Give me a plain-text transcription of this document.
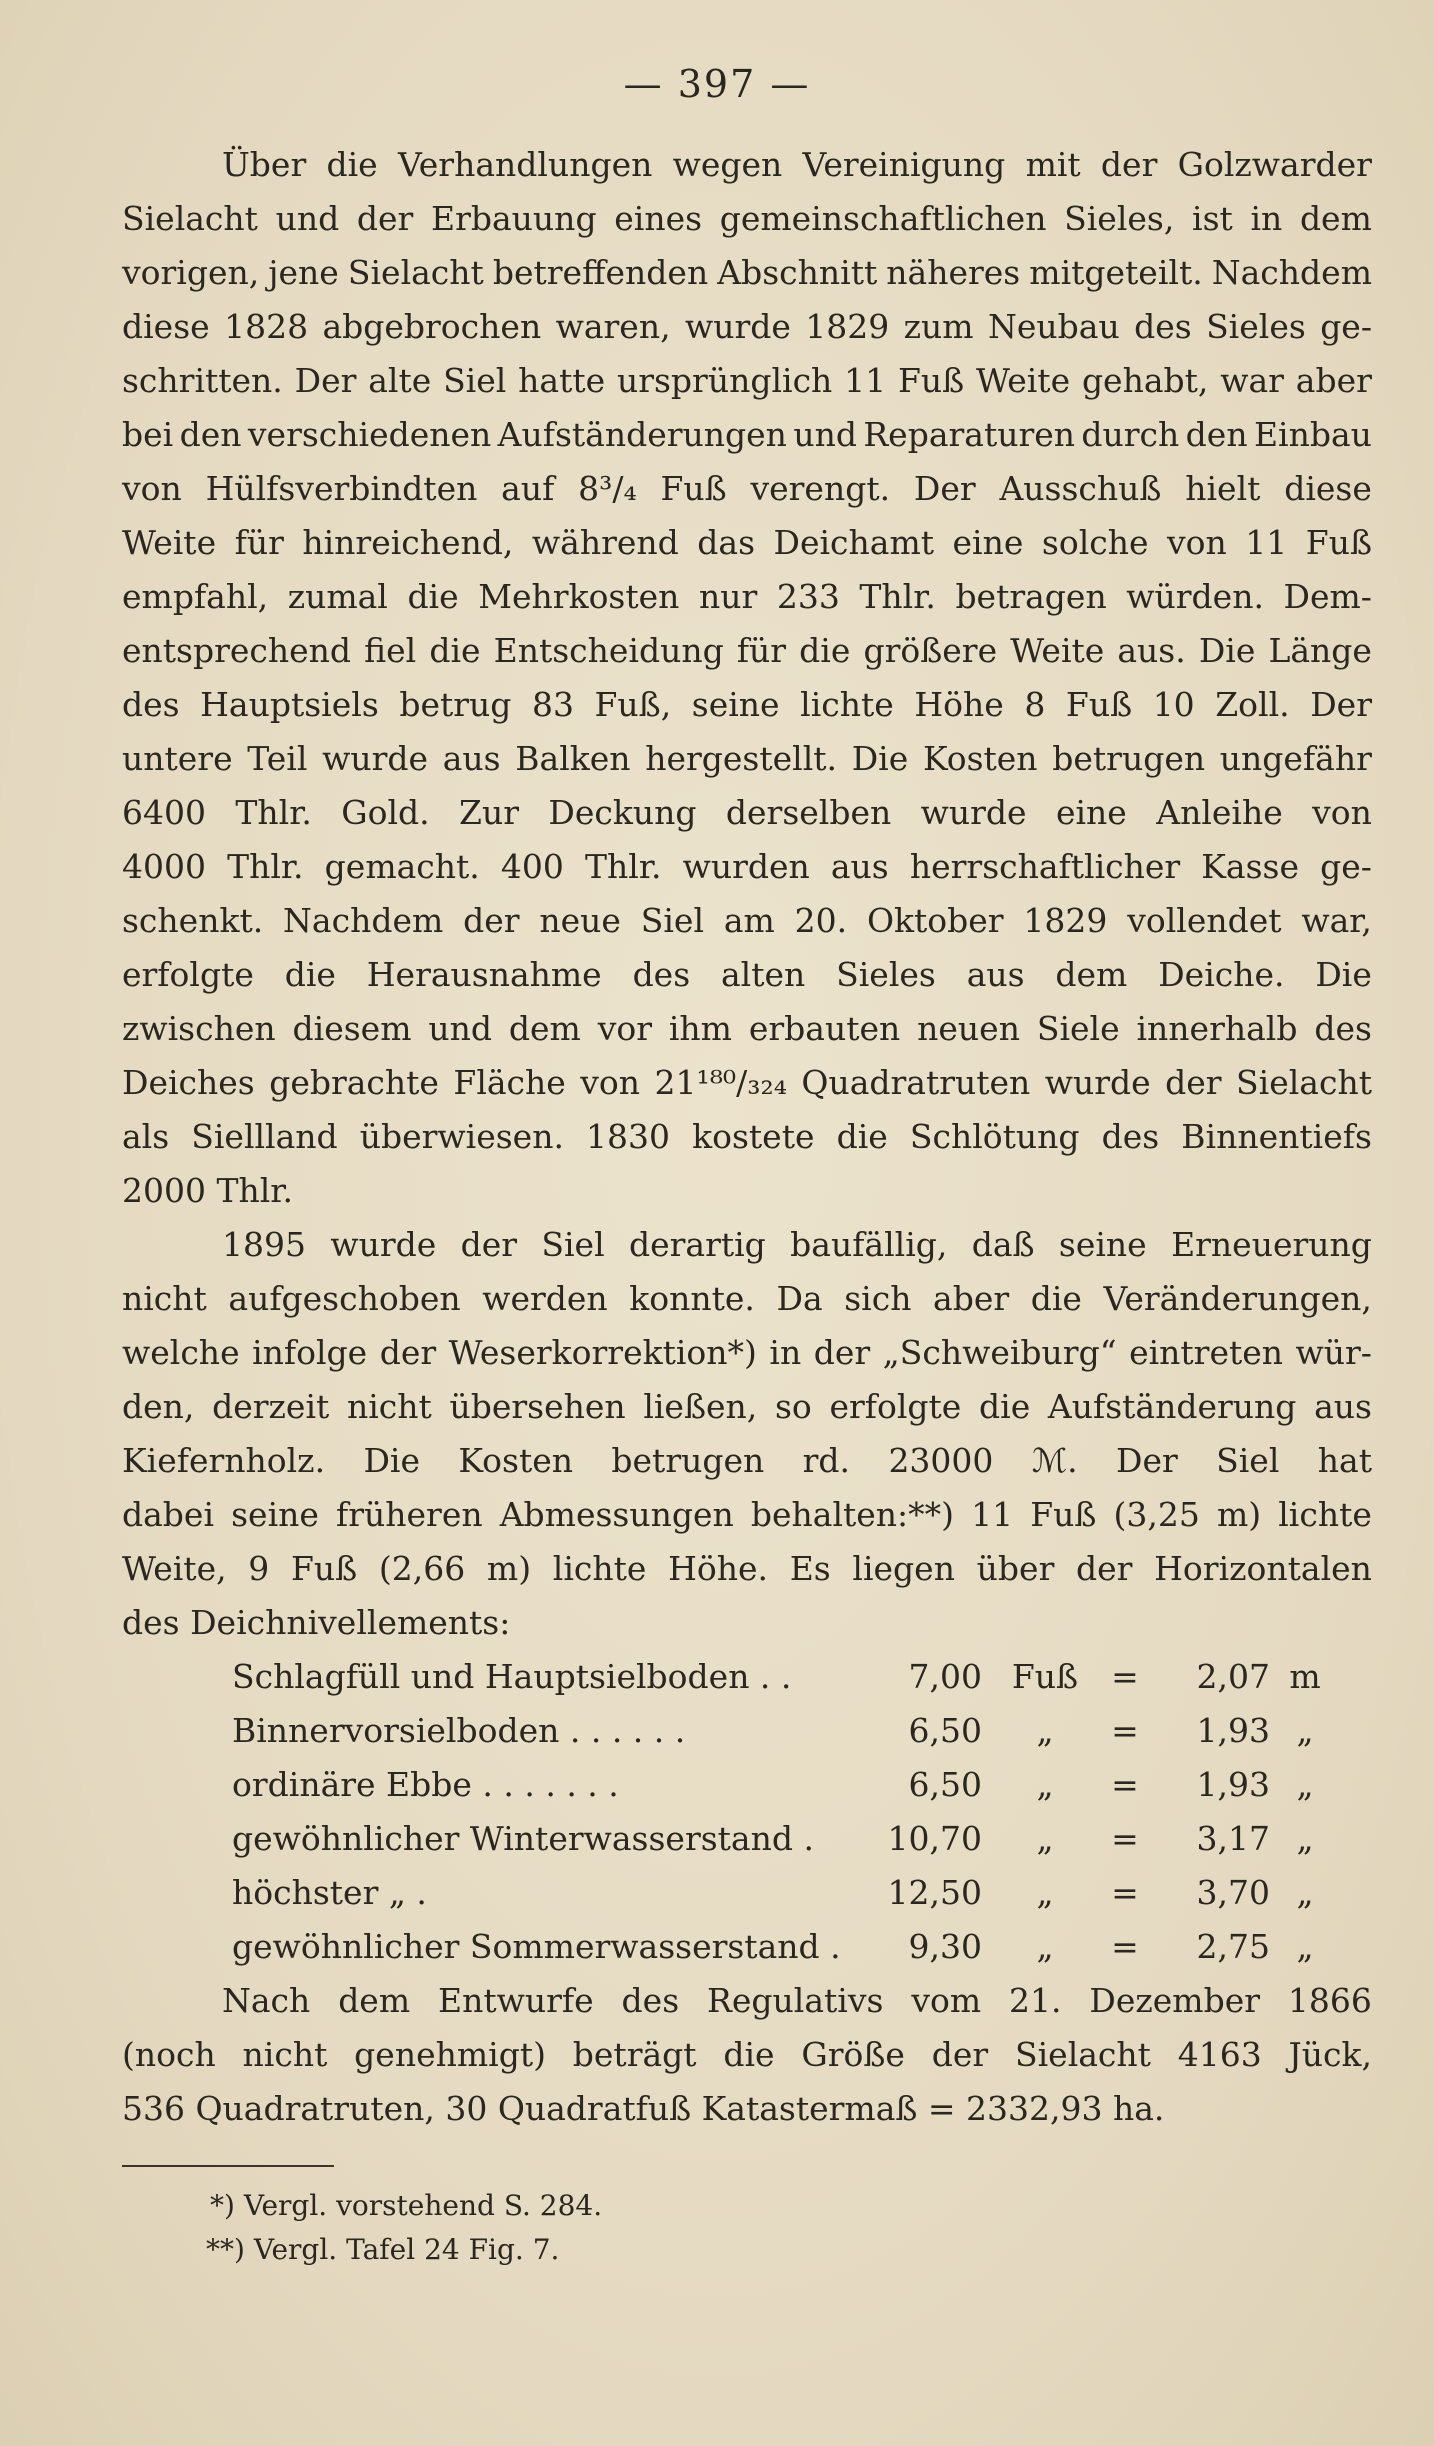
— 397 —
Über die Verhandlungen wegen Vereinigung mit der Golzwarder
Sielacht und der Erbauung eines gemeinschaftlichen Sieles, ist in dem
vorigen, jene Sielacht betreffenden Abschnitt näheres mitgeteilt. Nachdem
diese 1828 abgebrochen waren, wurde 1829 zum Neubau des Sieles ge-
schritten. Der alte Siel hatte ursprünglich 11 Fuß Weite gehabt, war aber
bei den verschiedenen Aufständerungen und Reparaturen durch den Einbau
von Hülfsverbindten auf 8³/₄ Fuß verengt. Der Ausschuß hielt diese
Weite für hinreichend, während das Deichamt eine solche von 11 Fuß
empfahl, zumal die Mehrkosten nur 233 Thlr. betragen würden. Dem-
entsprechend fiel die Entscheidung für die größere Weite aus. Die Länge
des Hauptsiels betrug 83 Fuß, seine lichte Höhe 8 Fuß 10 Zoll. Der
untere Teil wurde aus Balken hergestellt. Die Kosten betrugen ungefähr
6400 Thlr. Gold. Zur Deckung derselben wurde eine Anleihe von
4000 Thlr. gemacht. 400 Thlr. wurden aus herrschaftlicher Kasse ge-
schenkt. Nachdem der neue Siel am 20. Oktober 1829 vollendet war,
erfolgte die Herausnahme des alten Sieles aus dem Deiche. Die
zwischen diesem und dem vor ihm erbauten neuen Siele innerhalb des
Deiches gebrachte Fläche von 21¹⁸⁰/₃₂₄ Quadratruten wurde der Sielacht
als Siellland überwiesen. 1830 kostete die Schlötung des Binnentiefs
2000 Thlr.
1895 wurde der Siel derartig baufällig, daß seine Erneuerung
nicht aufgeschoben werden konnte. Da sich aber die Veränderungen,
welche infolge der Weserkorrektion*) in der „Schweiburg“ eintreten wür-
den, derzeit nicht übersehen ließen, so erfolgte die Aufständerung aus
Kiefernholz. Die Kosten betrugen rd. 23000 ℳ. Der Siel hat
dabei seine früheren Abmessungen behalten:**) 11 Fuß (3,25 m) lichte
Weite, 9 Fuß (2,66 m) lichte Höhe. Es liegen über der Horizontalen
des Deichnivellements:
Schlagfüll und Hauptsielboden . .	7,00 Fuß	=	2,07 m
Binnervorsielboden . . . . . .	6,50	„	=	1,93 „
ordinäre Ebbe . . . . . . .	6,50	„	=	1,93 „
gewöhnlicher Winterwasserstand .	10,70	„	=	3,17 „
höchster „ .	12,50	„	=	3,70 „
gewöhnlicher Sommerwasserstand .	9,30	„	=	2,75 „
Nach dem Entwurfe des Regulativs vom 21. Dezember 1866
(noch nicht genehmigt) beträgt die Größe der Sielacht 4163 Jück,
536 Quadratruten, 30 Quadratfuß Katastermaß = 2332,93 ha.
*) Vergl. vorstehend S. 284.
**) Vergl. Tafel 24 Fig. 7.
